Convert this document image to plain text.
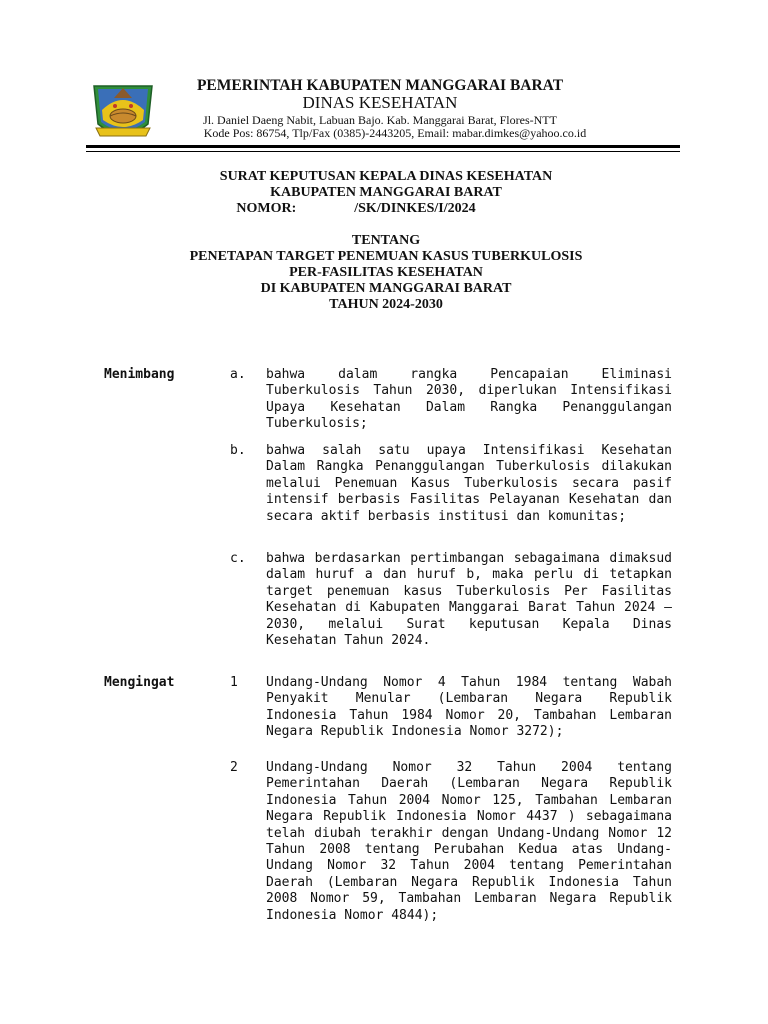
PEMERINTAH KABUPATEN MANGGARAI BARAT
DINAS KESEHATAN
Jl. Daniel Daeng Nabit, Labuan Bajo. Kab. Manggarai Barat, Flores-NTT
Kode Pos: 86754, Tlp/Fax (0385)-2443205, Email: mabar.dimkes@yahoo.co.id
SURAT KEPUTUSAN KEPALA DINAS KESEHATAN
KABUPATEN MANGGARAI BARAT
NOMOR:	/SK/DINKES/I/2024
TENTANG
PENETAPAN TARGET PENEMUAN KASUS TUBERKULOSIS
PER-FASILITAS KESEHATAN
DI KABUPATEN MANGGARAI BARAT
TAHUN 2024-2030
Menimbang	a. bahwa dalam rangka Pencapaian Eliminasi Tuberkulosis Tahun 2030, diperlukan Intensifikasi Upaya Kesehatan Dalam Rangka Penanggulangan Tuberkulosis;

b. bahwa salah satu upaya Intensifikasi Kesehatan Dalam Rangka Penanggulangan Tuberkulosis dilakukan melalui Penemuan Kasus Tuberkulosis secara pasif intensif berbasis Fasilitas Pelayanan Kesehatan dan secara aktif berbasis institusi dan komunitas;

c. bahwa berdasarkan pertimbangan sebagaimana dimaksud dalam huruf a dan huruf b, maka perlu di tetapkan target penemuan kasus Tuberkulosis Per Fasilitas Kesehatan di Kabupaten Manggarai Barat Tahun 2024 – 2030, melalui Surat keputusan Kepala Dinas Kesehatan Tahun 2024.

Mengingat	1 Undang-Undang Nomor 4 Tahun 1984 tentang Wabah Penyakit Menular (Lembaran Negara Republik Indonesia Tahun 1984 Nomor 20, Tambahan Lembaran Negara Republik Indonesia Nomor 3272);

2 Undang-Undang Nomor 32 Tahun 2004 tentang Pemerintahan Daerah (Lembaran Negara Republik Indonesia Tahun 2004 Nomor 125, Tambahan Lembaran Negara Republik Indonesia Nomor 4437 ) sebagaimana telah diubah terakhir dengan Undang-Undang Nomor 12 Tahun 2008 tentang Perubahan Kedua atas Undang-Undang Nomor 32 Tahun 2004 tentang Pemerintahan Daerah (Lembaran Negara Republik Indonesia Tahun 2008 Nomor 59, Tambahan Lembaran Negara Republik Indonesia Nomor 4844);
